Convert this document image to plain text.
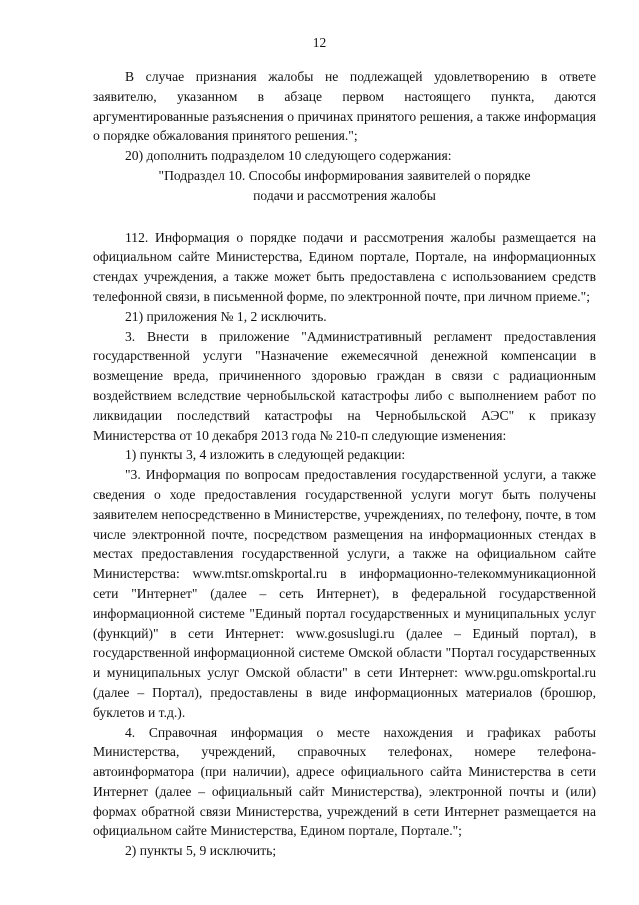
12

В случае признания жалобы не подлежащей удовлетворению в ответе заявителю, указанном в абзаце первом настоящего пункта, даются аргументированные разъяснения о причинах принятого решения, а также информация о порядке обжалования принятого решения.";

20) дополнить подразделом 10 следующего содержания:

"Подраздел 10. Способы информирования заявителей о порядке

подачи и рассмотрения жалобы

112. Информация о порядке подачи и рассмотрения жалобы размещается на официальном сайте Министерства, Едином портале, Портале, на информационных стендах учреждения, а также может быть предоставлена с использованием средств телефонной связи, в письменной форме, по электронной почте, при личном приеме.";

21) приложения № 1, 2 исключить.

3. Внести в приложение "Административный регламент предоставления государственной услуги "Назначение ежемесячной денежной компенсации в возмещение вреда, причиненного здоровью граждан в связи с радиационным воздействием вследствие чернобыльской катастрофы либо с выполнением работ по ликвидации последствий катастрофы на Чернобыльской АЭС" к приказу Министерства от 10 декабря 2013 года № 210-п следующие изменения:

1) пункты 3, 4 изложить в следующей редакции:

"3. Информация по вопросам предоставления государственной услуги, а также сведения о ходе предоставления государственной услуги могут быть получены заявителем непосредственно в Министерстве, учреждениях, по телефону, почте, в том числе электронной почте, посредством размещения на информационных стендах в местах предоставления государственной услуги, а также на официальном сайте Министерства: www.mtsr.omskportal.ru в информационно-телекоммуникационной сети "Интернет" (далее – сеть Интернет), в федеральной государственной информационной системе "Единый портал государственных и муниципальных услуг (функций)" в сети Интернет: www.gosuslugi.ru (далее – Единый портал), в государственной информационной системе Омской области "Портал государственных и муниципальных услуг Омской области" в сети Интернет: www.pgu.omskportal.ru (далее – Портал), предоставлены в виде информационных материалов (брошюр, буклетов и т.д.).

4. Справочная информация о месте нахождения и графиках работы Министерства, учреждений, справочных телефонах, номере телефона-автоинформатора (при наличии), адресе официального сайта Министерства в сети Интернет (далее – официальный сайт Министерства), электронной почты и (или) формах обратной связи Министерства, учреждений в сети Интернет размещается на официальном сайте Министерства, Едином портале, Портале.";

2) пункты 5, 9 исключить;
